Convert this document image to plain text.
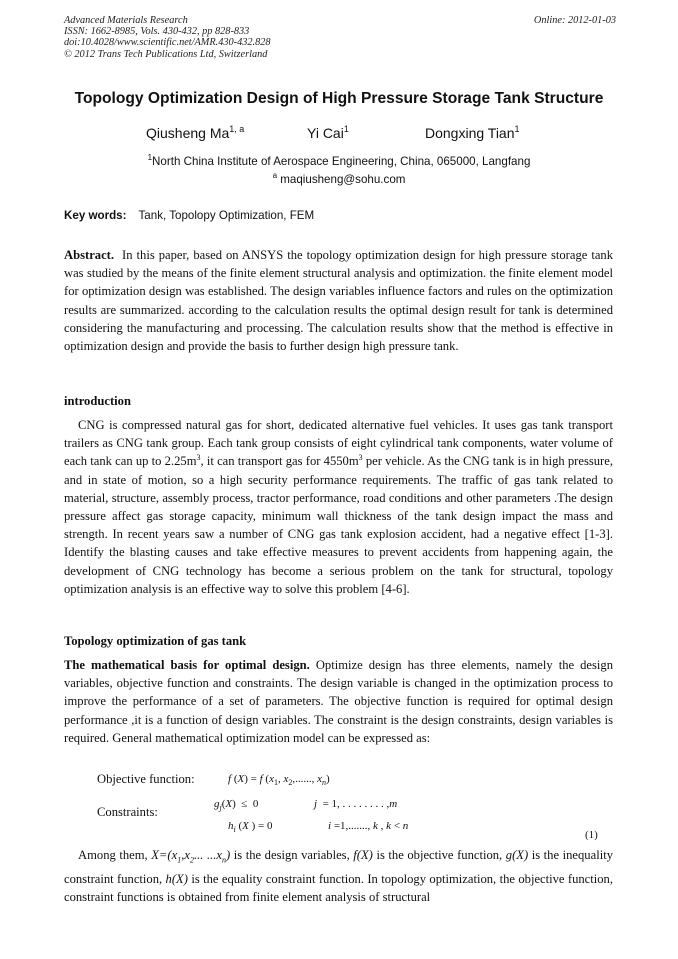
Advanced Materials Research
ISSN: 1662-8985, Vols. 430-432, pp 828-833
doi:10.4028/www.scientific.net/AMR.430-432.828
© 2012 Trans Tech Publications Ltd, Switzerland
Online: 2012-01-03
Topology Optimization Design of High Pressure Storage Tank Structure
Qiusheng Ma$^{1, a}$	Yi Cai$^1$	Dongxing Tian$^1$
$^1$North China Institute of Aerospace Engineering, China, 065000, Langfang
$^a$ maqiusheng@sohu.com
Key words: Tank, Topolopy Optimization, FEM

Abstract. In this paper, based on ANSYS the topology optimization design for high pressure storage tank was studied by the means of the finite element structural analysis and optimization. the finite element model for optimization design was established. The design variables influence factors and rules on the optimization results are summarized. according to the calculation results the optimal design result for tank is determined considering the manufacturing and processing. The calculation results show that the method is effective in optimization design and provide the basis to further design high pressure tank.

introduction

CNG is compressed natural gas for short, dedicated alternative fuel vehicles. It uses gas tank transport trailers as CNG tank group. Each tank group consists of eight cylindrical tank components, water volume of each tank can up to $2.25m^3$, it can transport gas for $4550m^3$ per vehicle. As the CNG tank is in high pressure, and in state of motion, so a high security performance requirements. The traffic of gas tank related to material, structure, assembly process, tractor performance, road conditions and other parameters .The design pressure affect gas storage capacity, minimum wall thickness of the tank design impact the mass and strength. In recent years saw a number of CNG gas tank explosion accident, had a negative effect [1-3]. Identify the blasting causes and take effective measures to prevent accidents from happening again, the development of CNG technology has become a serious problem on the tank for structural, topology optimization analysis is an effective way to solve this problem [4-6].

Topology optimization of gas tank

The mathematical basis for optimal design. Optimize design has three elements, namely the design variables, objective function and constraints. The design variable is changed in the optimization process to improve the performance of a set of parameters. The objective function is required for optimal design performance ,it is a function of design variables. The constraint is the design constraints, design variables is required. General mathematical optimization model can be expressed as:

Objective function:	f (X) = f ($x_1$, $x_2$,......, $x_n$)
Constraints:
$g_j(X) \le 0$	j  = 1, . . . . . . . . ,m
$h_i$ (X ) = 0	i =1,......., k , k < n
(1)

Among them, $X=(x_1,x_2$... $...x_n$) is the design variables, f(X) is the objective function, g(X) is the inequality constraint function, h(X) is the equality constraint function. In topology optimization, the objective function, constraint functions is obtained from finite element analysis of structural
